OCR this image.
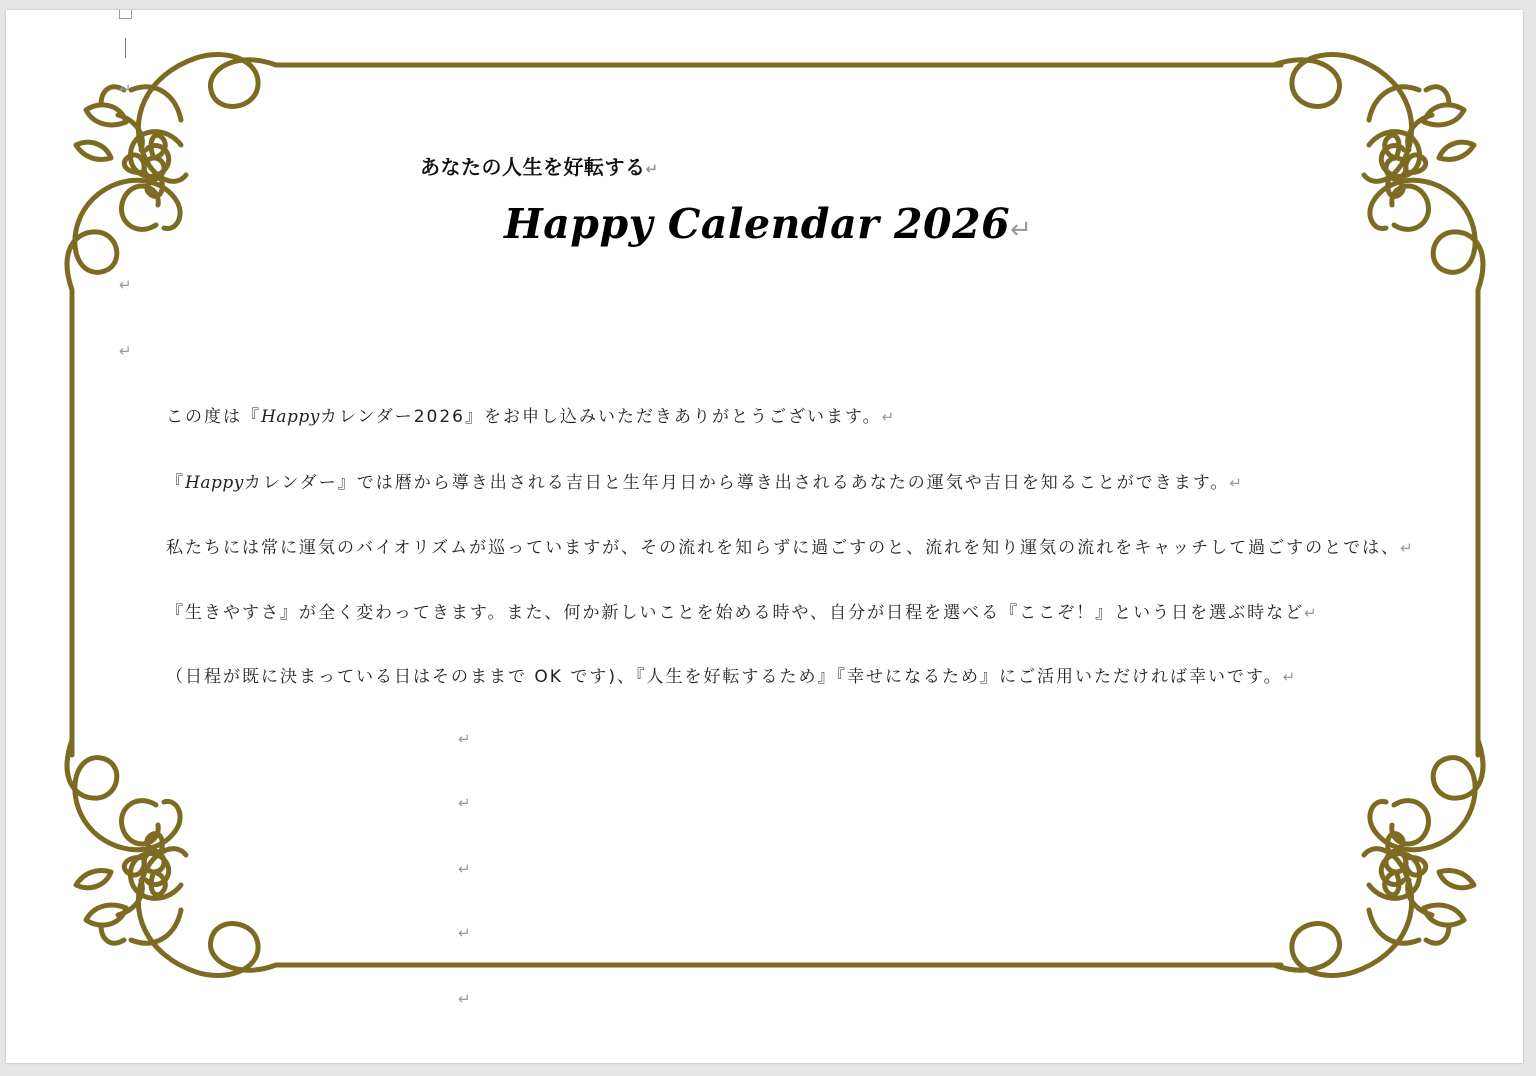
↵
↵
↵
あなたの人生を好転する↵
Happy Calendar 2026↵
この度は『Happyカレンダー2026』をお申し込みいただきありがとうございます。↵
『Happyカレンダー』では暦から導き出される吉日と生年月日から導き出されるあなたの運気や吉日を知ることができます。↵
私たちには常に運気のバイオリズムが巡っていますが、その流れを知らずに過ごすのと、流れを知り運気の流れをキャッチして過ごすのとでは、↵
『生きやすさ』が全く変わってきます。また、何か新しいことを始める時や、自分が日程を選べる『ここぞ！』という日を選ぶ時など↵
（日程が既に決まっている日はそのままで OK です)、『人生を好転するため』『幸せになるため』にご活用いただければ幸いです。↵
↵
↵
↵
↵
↵
